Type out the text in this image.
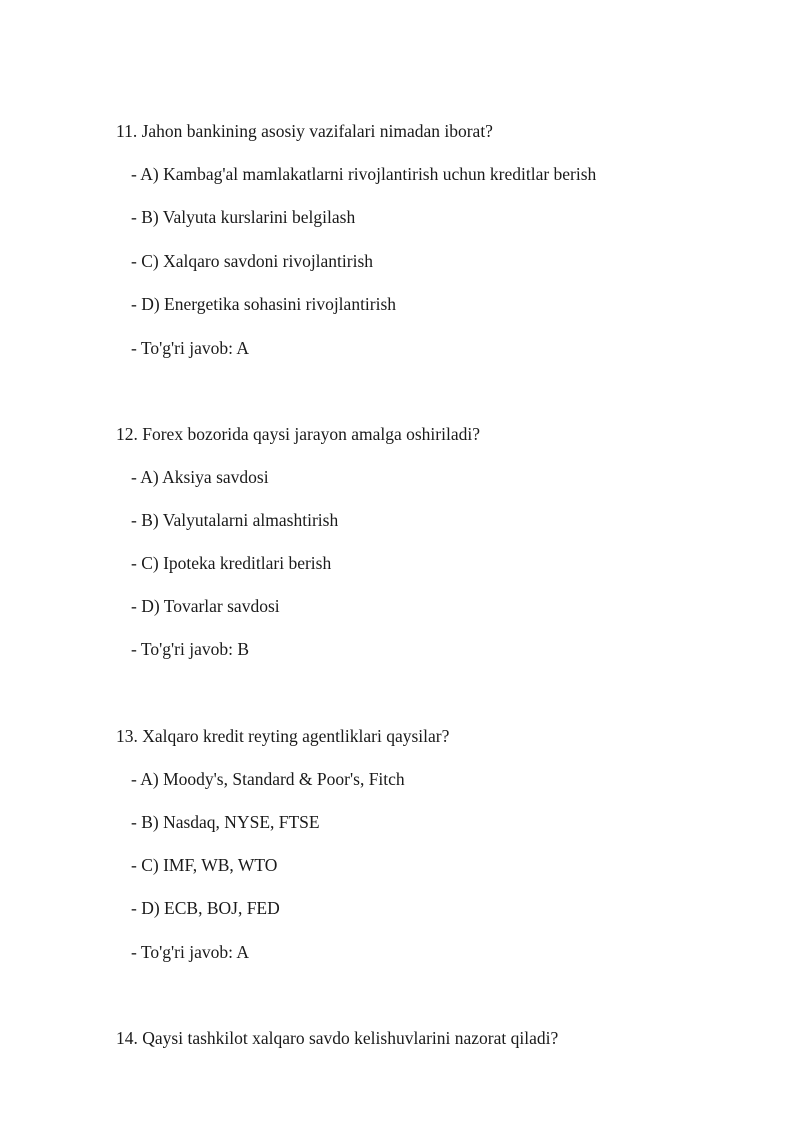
11. Jahon bankining asosiy vazifalari nimadan iborat?
- A) Kambag'al mamlakatlarni rivojlantirish uchun kreditlar berish
- B) Valyuta kurslarini belgilash
- C) Xalqaro savdoni rivojlantirish
- D) Energetika sohasini rivojlantirish
- To'g'ri javob: A
12. Forex bozorida qaysi jarayon amalga oshiriladi?
- A) Aksiya savdosi
- B) Valyutalarni almashtirish
- C) Ipoteka kreditlari berish
- D) Tovarlar savdosi
- To'g'ri javob: B
13. Xalqaro kredit reyting agentliklari qaysilar?
- A) Moody's, Standard & Poor's, Fitch
- B) Nasdaq, NYSE, FTSE
- C) IMF, WB, WTO
- D) ECB, BOJ, FED
- To'g'ri javob: A
14. Qaysi tashkilot xalqaro savdo kelishuvlarini nazorat qiladi?
